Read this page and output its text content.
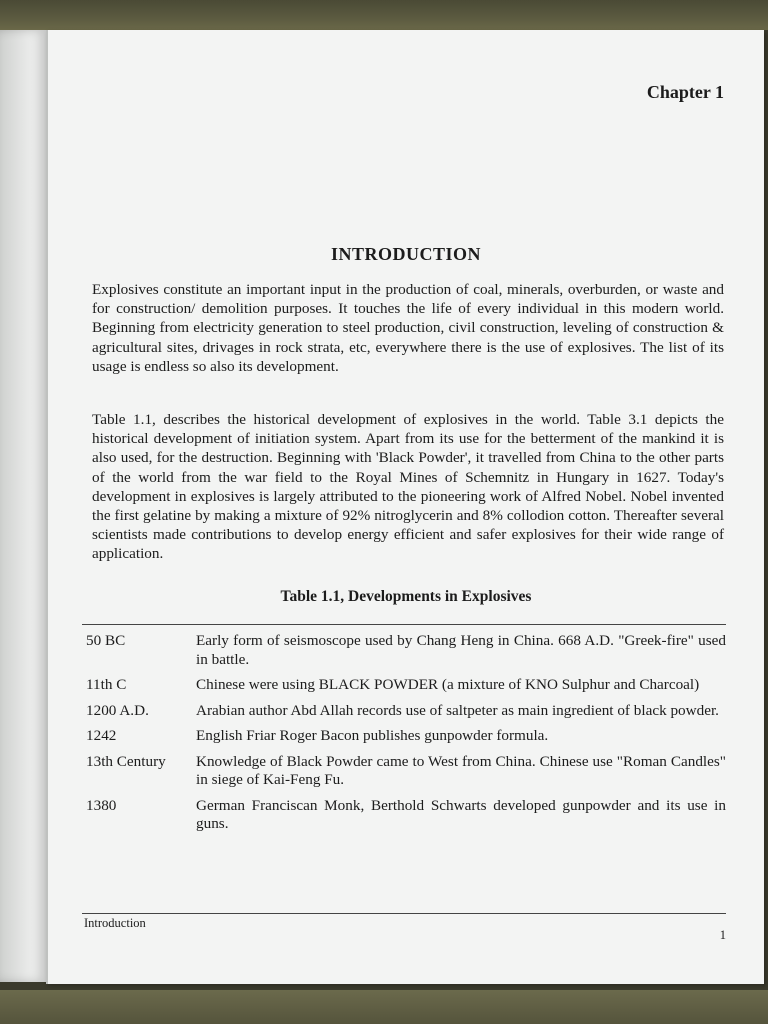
Chapter 1
INTRODUCTION

Explosives constitute an important input in the production of coal, minerals, overburden, or waste and for construction/ demolition purposes. It touches the life of every individual in this modern world. Beginning from electricity generation to steel production, civil construction, leveling of construction & agricultural sites, drivages in rock strata, etc, everywhere there is the use of explosives. The list of its usage is endless so also its development.

Table 1.1, describes the historical development of explosives in the world. Table 3.1 depicts the historical development of initiation system. Apart from its use for the betterment of the mankind it is also used, for the destruction. Beginning with 'Black Powder', it travelled from China to the other parts of the world from the war field to the Royal Mines of Schemnitz in Hungary in 1627. Today's development in explosives is largely attributed to the pioneering work of Alfred Nobel. Nobel invented the first gelatine by making a mixture of 92% nitroglycerin and 8% collodion cotton. Thereafter several scientists made contributions to develop energy efficient and safer explosives for their wide range of application.

Table 1.1, Developments in Explosives
50 BC	Early form of seismoscope used by Chang Heng in China. 668 A.D. "Greek-fire" used in battle.
11th C	Chinese were using BLACK POWDER (a mixture of KNO Sulphur and Charcoal)
1200 A.D.	Arabian author Abd Allah records use of saltpeter as main ingredient of black powder.
1242	English Friar Roger Bacon publishes gunpowder formula.
13th Century	Knowledge of Black Powder came to West from China. Chinese use "Roman Candles" in siege of Kai-Feng Fu.
1380	German Franciscan Monk, Berthold Schwarts developed gunpowder and its use in guns.
Introduction
1
